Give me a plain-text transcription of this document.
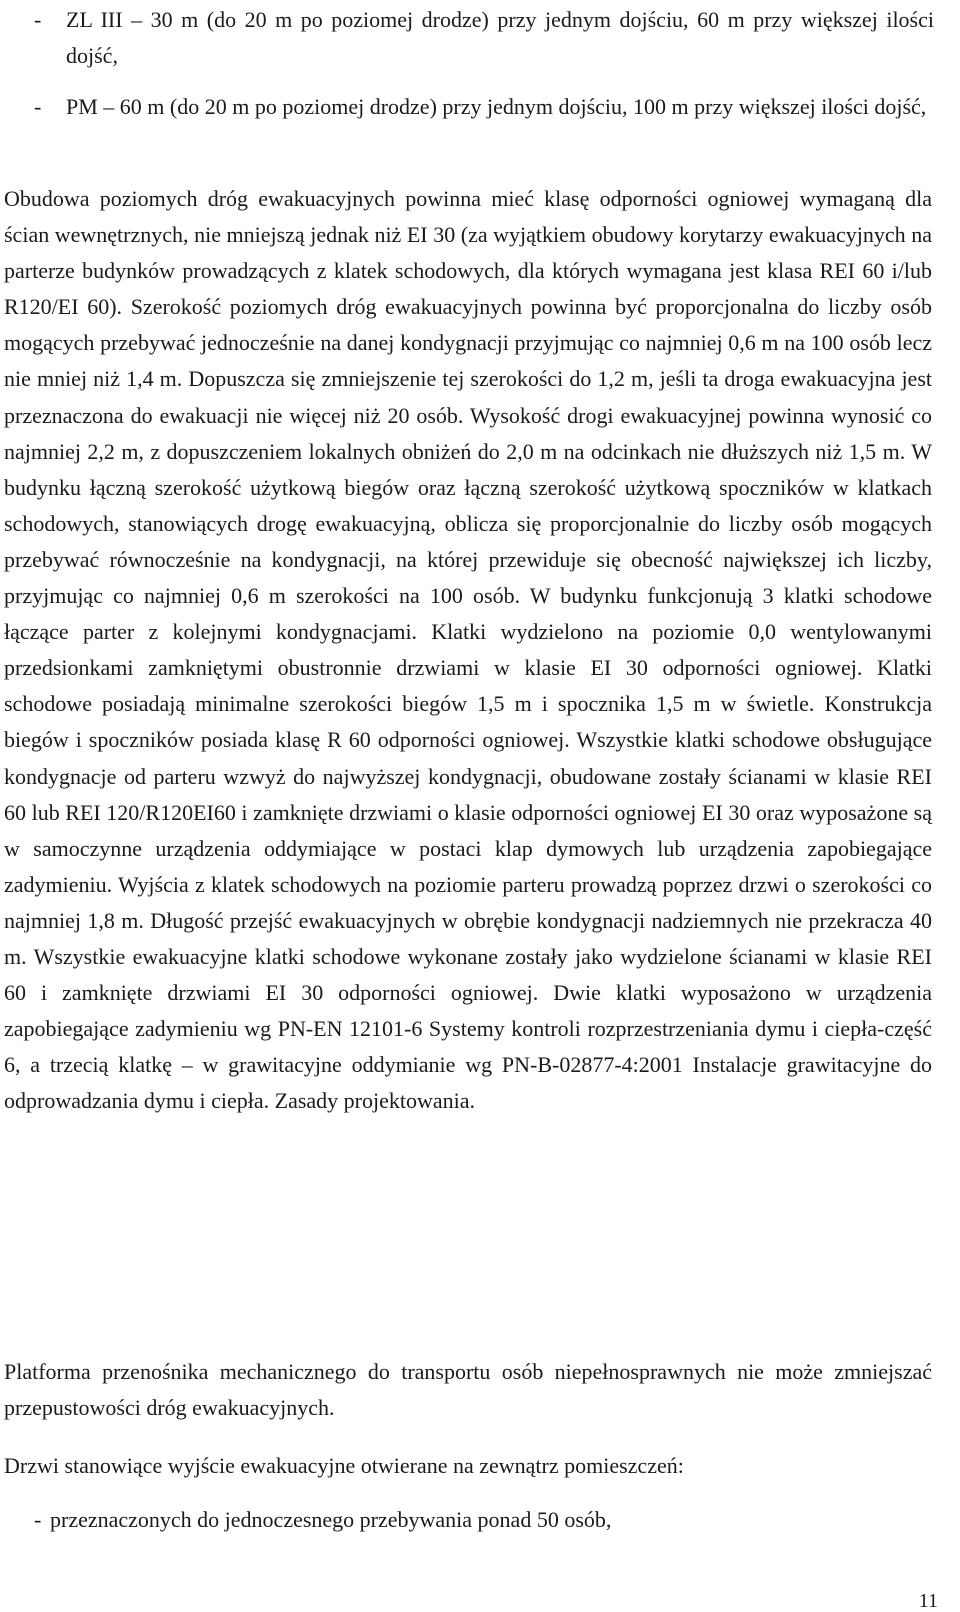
- ZL III – 30 m (do 20 m po poziomej drodze) przy jednym dojściu, 60 m przy większej ilości dojść,
- PM – 60 m (do 20 m po poziomej drodze) przy jednym dojściu, 100 m przy większej ilości dojść,
Obudowa poziomych dróg ewakuacyjnych powinna mieć klasę odporności ogniowej wymaganą dla ścian wewnętrznych, nie mniejszą jednak niż EI 30 (za wyjątkiem obudowy korytarzy ewakuacyjnych na parterze budynków prowadzących z klatek schodowych, dla których wymagana jest klasa REI 60 i/lub R120/EI 60). Szerokość poziomych dróg ewakuacyjnych powinna być proporcjonalna do liczby osób mogących przebywać jednocześnie na danej kondygnacji przyjmując co najmniej 0,6 m na 100 osób lecz nie mniej niż 1,4 m. Dopuszcza się zmniejszenie tej szerokości do 1,2 m, jeśli ta droga ewakuacyjna jest przeznaczona do ewakuacji nie więcej niż 20 osób. Wysokość drogi ewakuacyjnej powinna wynosić co najmniej 2,2 m, z dopuszczeniem lokalnych obniżeń do 2,0 m na odcinkach nie dłuższych niż 1,5 m. W budynku łączną szerokość użytkową biegów oraz łączną szerokość użytkową spoczników w klatkach schodowych, stanowiących drogę ewakuacyjną, oblicza się proporcjonalnie do liczby osób mogących przebywać równocześnie na kondygnacji, na której przewiduje się obecność największej ich liczby, przyjmując co najmniej 0,6 m szerokości na 100 osób. W budynku funkcjonują 3 klatki schodowe łączące parter z kolejnymi kondygnacjami. Klatki wydzielono na poziomie 0,0 wentylowanymi przedsionkami zamkniętymi obustronnie drzwiami w klasie EI 30 odporności ogniowej. Klatki schodowe posiadają minimalne szerokości biegów 1,5 m i spocznika 1,5 m w świetle. Konstrukcja biegów i spoczników posiada klasę R 60 odporności ogniowej. Wszystkie klatki schodowe obsługujące kondygnacje od parteru wzwyż do najwyższej kondygnacji, obudowane zostały ścianami w klasie REI 60 lub REI 120/R120EI60 i zamknięte drzwiami o klasie odporności ogniowej EI 30 oraz wyposażone są w samoczynne urządzenia oddymiające w postaci klap dymowych lub urządzenia zapobiegające zadymieniu. Wyjścia z klatek schodowych na poziomie parteru prowadzą poprzez drzwi o szerokości co najmniej 1,8 m. Długość przejść ewakuacyjnych w obrębie kondygnacji nadziemnych nie przekracza 40 m. Wszystkie ewakuacyjne klatki schodowe wykonane zostały jako wydzielone ścianami w klasie REI 60 i zamknięte drzwiami EI 30 odporności ogniowej. Dwie klatki wyposażono w urządzenia zapobiegające zadymieniu wg PN-EN 12101-6 Systemy kontroli rozprzestrzeniania dymu i ciepła-część 6, a trzecią klatkę – w grawitacyjne oddymianie wg PN-B-02877-4:2001 Instalacje grawitacyjne do odprowadzania dymu i ciepła. Zasady projektowania.
Platforma przenośnika mechanicznego do transportu osób niepełnosprawnych nie może zmniejszać przepustowości dróg ewakuacyjnych.
Drzwi stanowiące wyjście ewakuacyjne otwierane na zewnątrz pomieszczeń:
- przeznaczonych do jednoczesnego przebywania ponad 50 osób,
11
